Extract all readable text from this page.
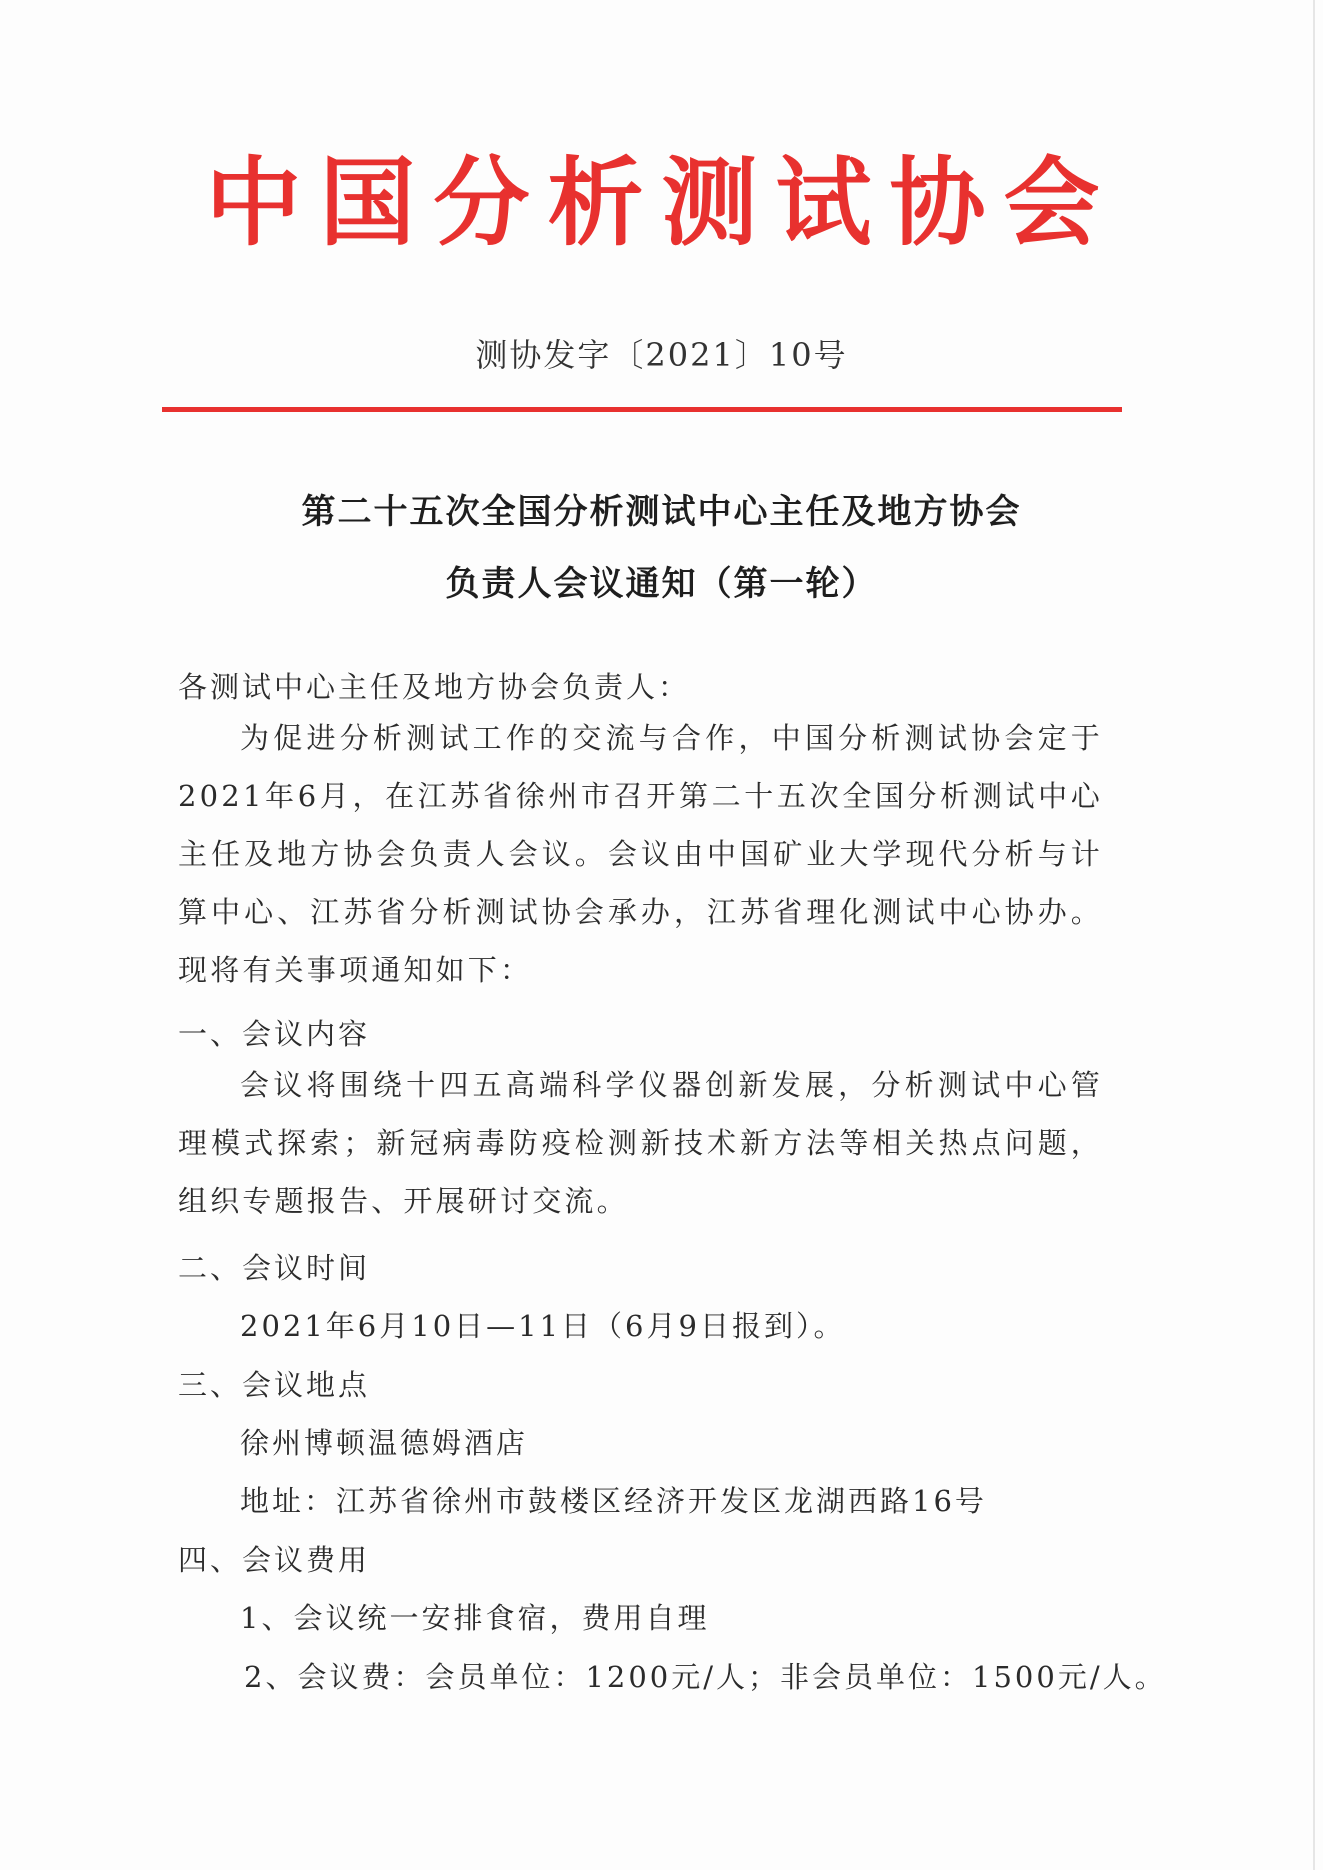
中国分析测试协会
测协发字〔2021〕10号
第二十五次全国分析测试中心主任及地方协会
负责人会议通知（第一轮）
各测试中心主任及地方协会负责人：
为促进分析测试工作的交流与合作，中国分析测试协会定于2021年6月，在江苏省徐州市召开第二十五次全国分析测试中心主任及地方协会负责人会议。会议由中国矿业大学现代分析与计算中心、江苏省分析测试协会承办，江苏省理化测试中心协办。现将有关事项通知如下：
一、会议内容
会议将围绕十四五高端科学仪器创新发展，分析测试中心管理模式探索；新冠病毒防疫检测新技术新方法等相关热点问题，组织专题报告、开展研讨交流。
二、会议时间
2021年6月10日—11日（6月9日报到）。
三、会议地点
徐州博顿温德姆酒店
地址：江苏省徐州市鼓楼区经济开发区龙湖西路16号
四、会议费用
1、会议统一安排食宿，费用自理
2、会议费：会员单位：1200元/人；非会员单位：1500元/人。
